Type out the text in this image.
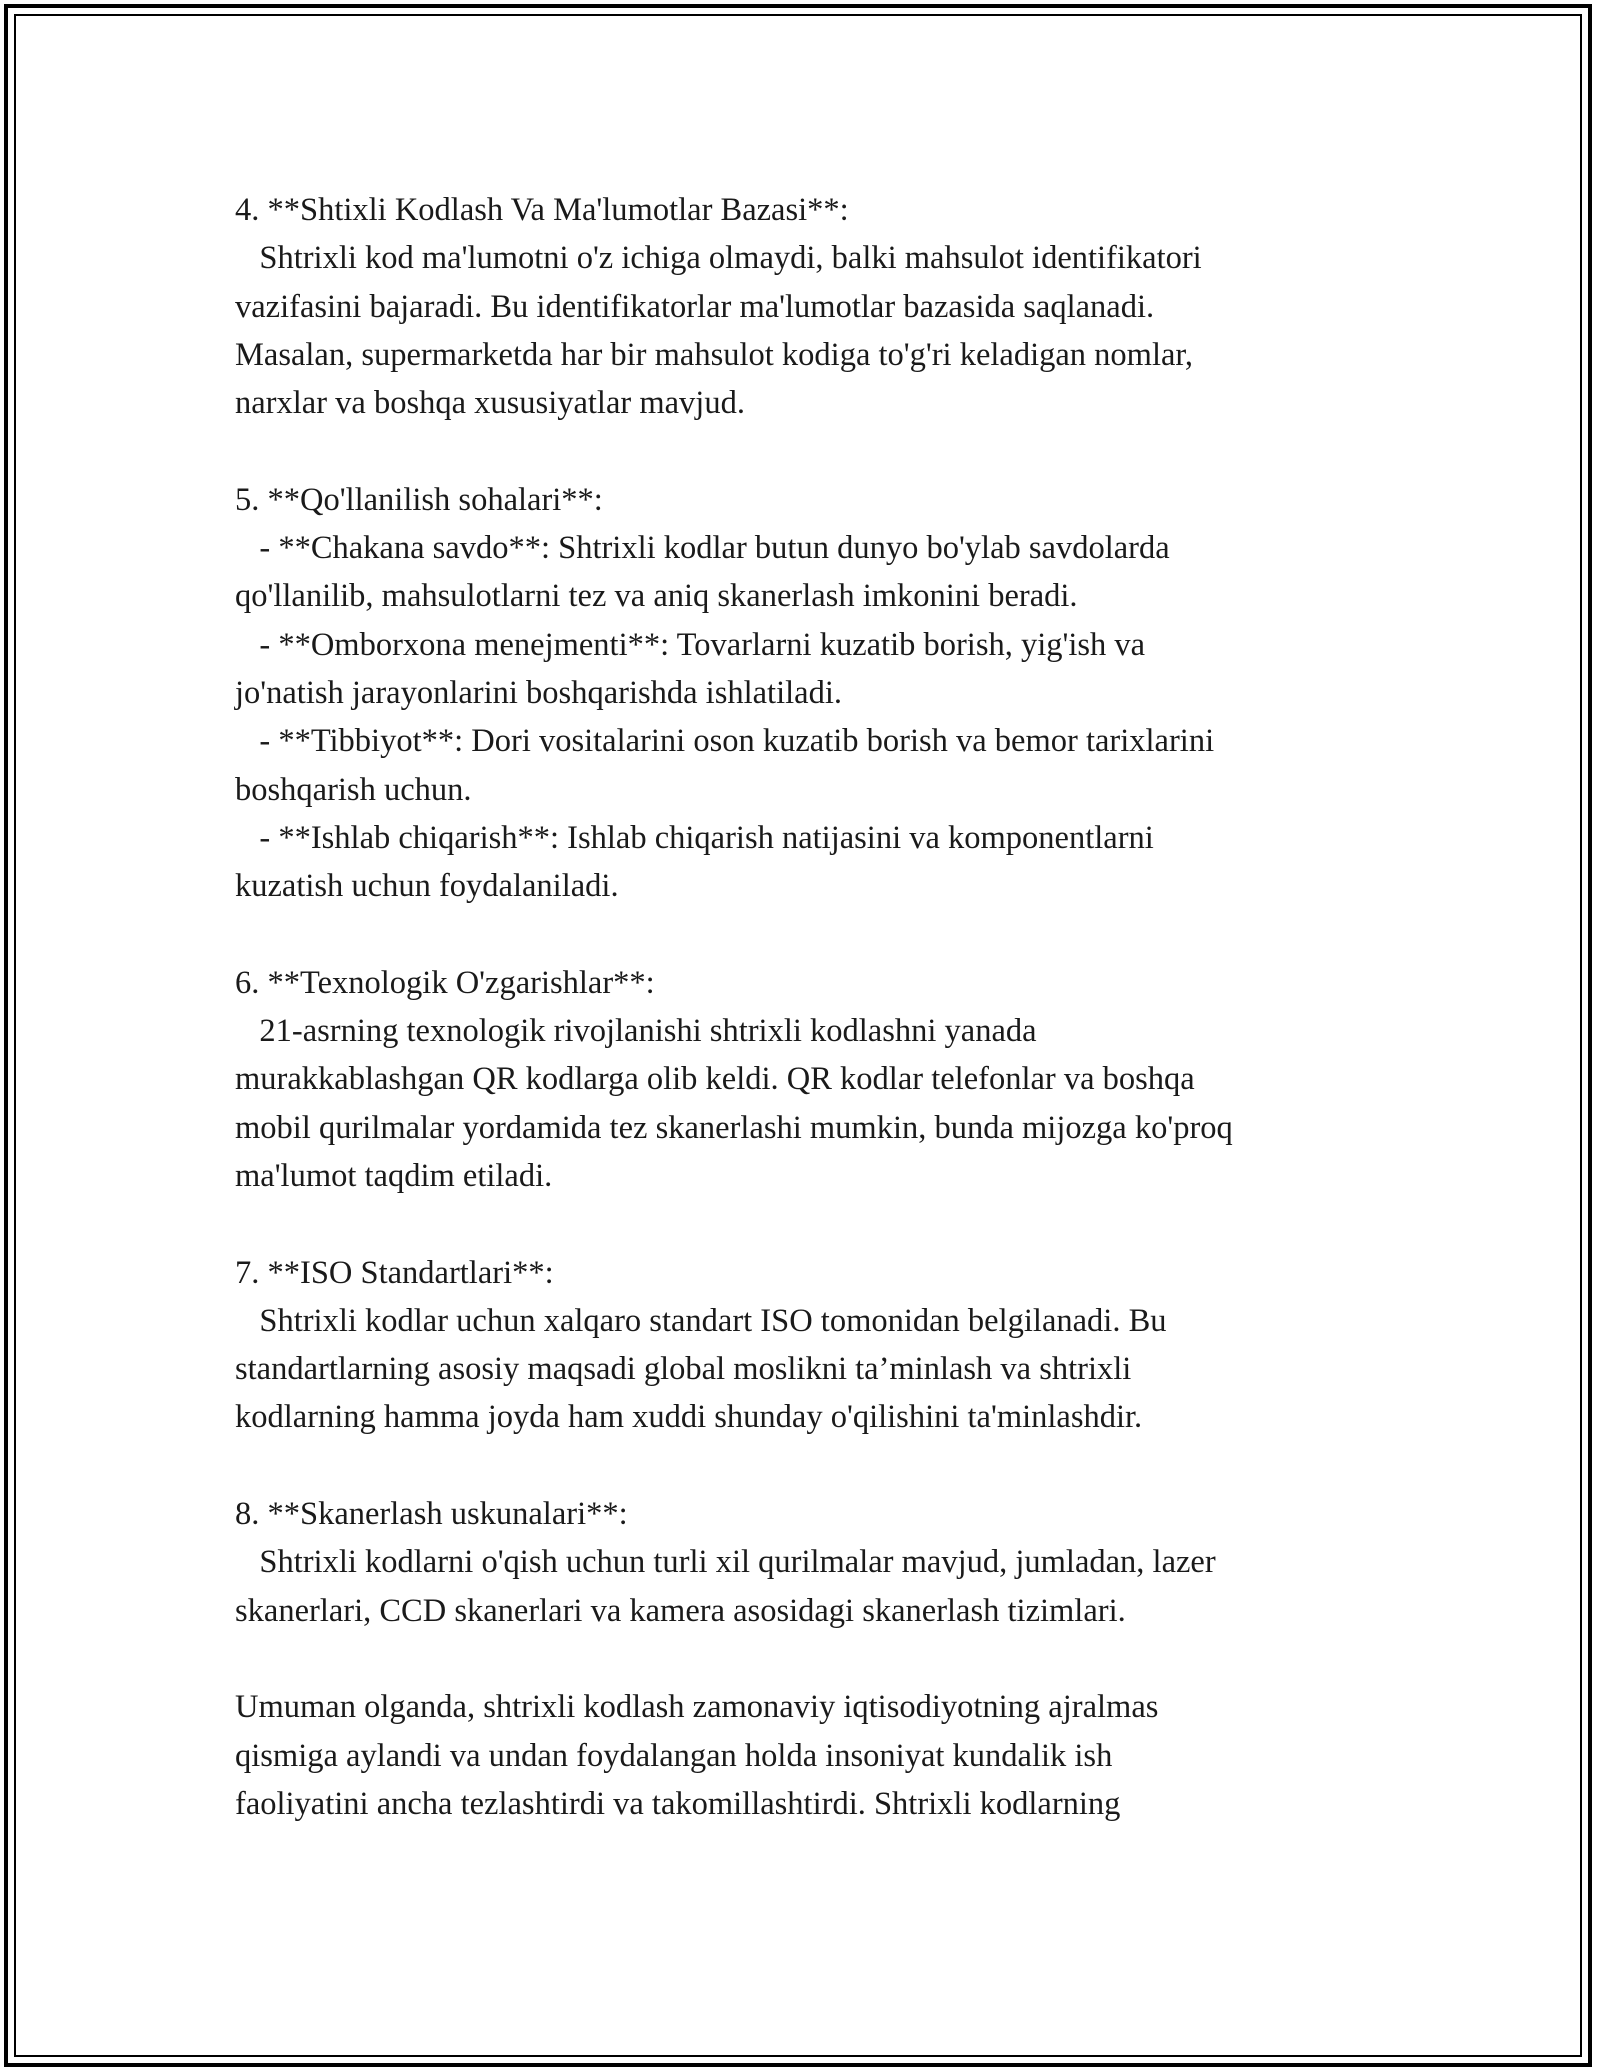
4. **Shtixli Kodlash Va Ma'lumotlar Bazasi**:
Shtrixli kod ma'lumotni o'z ichiga olmaydi, balki mahsulot identifikatori
vazifasini bajaradi. Bu identifikatorlar ma'lumotlar bazasida saqlanadi.
Masalan, supermarketda har bir mahsulot kodiga to'g'ri keladigan nomlar,
narxlar va boshqa xususiyatlar mavjud.
5. **Qo'llanilish sohalari**:
- **Chakana savdo**: Shtrixli kodlar butun dunyo bo'ylab savdolarda
qo'llanilib, mahsulotlarni tez va aniq skanerlash imkonini beradi.
- **Omborxona menejmenti**: Tovarlarni kuzatib borish, yig'ish va
jo'natish jarayonlarini boshqarishda ishlatiladi.
- **Tibbiyot**: Dori vositalarini oson kuzatib borish va bemor tarixlarini
boshqarish uchun.
- **Ishlab chiqarish**: Ishlab chiqarish natijasini va komponentlarni
kuzatish uchun foydalaniladi.
6. **Texnologik O'zgarishlar**:
21-asrning texnologik rivojlanishi shtrixli kodlashni yanada
murakkablashgan QR kodlarga olib keldi. QR kodlar telefonlar va boshqa
mobil qurilmalar yordamida tez skanerlashi mumkin, bunda mijozga ko'proq
ma'lumot taqdim etiladi.
7. **ISO Standartlari**:
Shtrixli kodlar uchun xalqaro standart ISO tomonidan belgilanadi. Bu
standartlarning asosiy maqsadi global moslikni ta’minlash va shtrixli
kodlarning hamma joyda ham xuddi shunday o'qilishini ta'minlashdir.
8. **Skanerlash uskunalari**:
Shtrixli kodlarni o'qish uchun turli xil qurilmalar mavjud, jumladan, lazer
skanerlari, CCD skanerlari va kamera asosidagi skanerlash tizimlari.
Umuman olganda, shtrixli kodlash zamonaviy iqtisodiyotning ajralmas
qismiga aylandi va undan foydalangan holda insoniyat kundalik ish
faoliyatini ancha tezlashtirdi va takomillashtirdi. Shtrixli kodlarning
